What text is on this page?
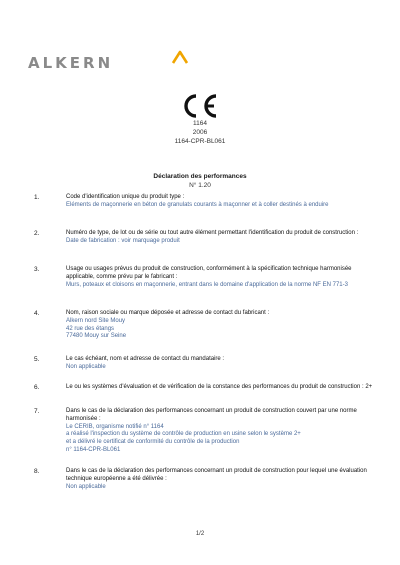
ALKERN
1164
2006
1164-CPR-BL061
Déclaration des performances
N° 1.20
1.	Code d'identification unique du produit type :
Eléments de maçonnerie en béton de granulats courants à maçonner et à coller destinés à enduire
2.	Numéro de type, de lot ou de série ou tout autre élément permettant l'identification du produit de construction :
Date de fabrication : voir marquage produit
3.	Usage ou usages prévus du produit de construction, conformément à la spécification technique harmonisée applicable, comme prévu par le fabricant :
Murs, poteaux et cloisons en maçonnerie, entrant dans le domaine d'application de la norme NF EN 771-3
4.	Nom, raison sociale ou marque déposée et adresse de contact du fabricant :
Alkern nord Site Mouy
42 rue des étangs
77480 Mouy sur Seine
5.	Le cas échéant, nom et adresse de contact du mandataire :
Non applicable
6.	Le ou les systèmes d'évaluation et de vérification de la constance des performances du produit de construction : 2+
7.	Dans le cas de la déclaration des performances concernant un produit de construction couvert par une norme harmonisée :
Le CERIB, organisme notifié n° 1164
a réalisé l'inspection du système de contrôle de production en usine selon le système 2+
et a délivré le certificat de conformité du contrôle de la production
n° 1164-CPR-BL061
8.	Dans le cas de la déclaration des performances concernant un produit de construction pour lequel une évaluation technique européenne a été délivrée :
Non applicable
1/2
